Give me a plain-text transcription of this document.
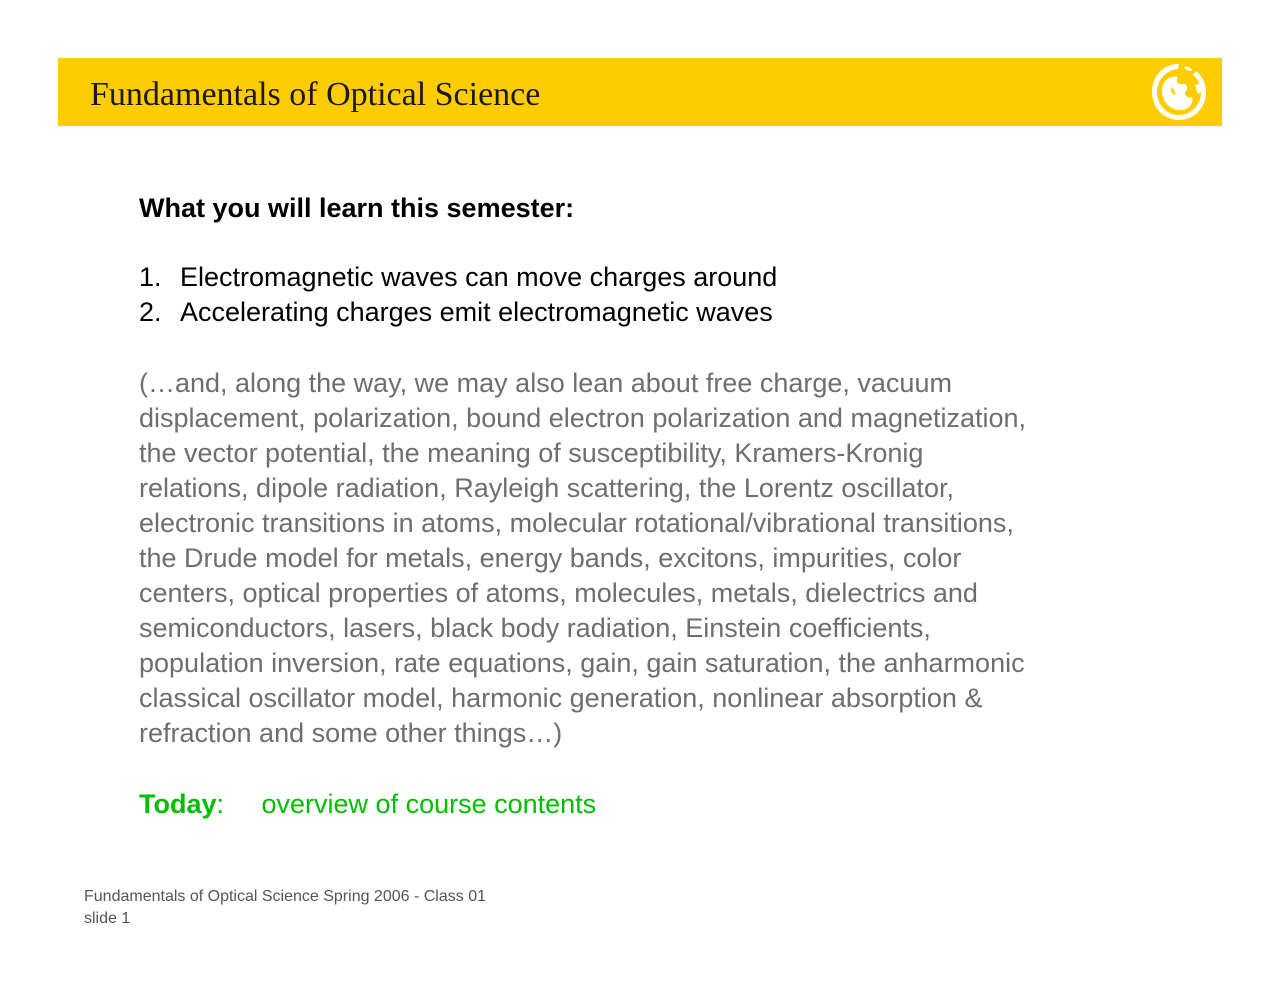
Fundamentals of Optical Science

What you will learn this semester:

1. Electromagnetic waves can move charges around
2. Accelerating charges emit electromagnetic waves
(…and, along the way, we may also lean about free charge, vacuum
displacement, polarization, bound electron polarization and magnetization,
the vector potential, the meaning of susceptibility, Kramers-Kronig
relations, dipole radiation, Rayleigh scattering, the Lorentz oscillator,
electronic transitions in atoms, molecular rotational/vibrational transitions,
the Drude model for metals, energy bands, excitons, impurities, color
centers, optical properties of atoms, molecules, metals, dielectrics and
semiconductors, lasers, black body radiation, Einstein coefficients,
population inversion, rate equations, gain, gain saturation, the anharmonic
classical oscillator model, harmonic generation, nonlinear absorption &
refraction and some other things…)
Today: overview of course contents
Fundamentals of Optical Science Spring 2006 - Class 01
slide 1
